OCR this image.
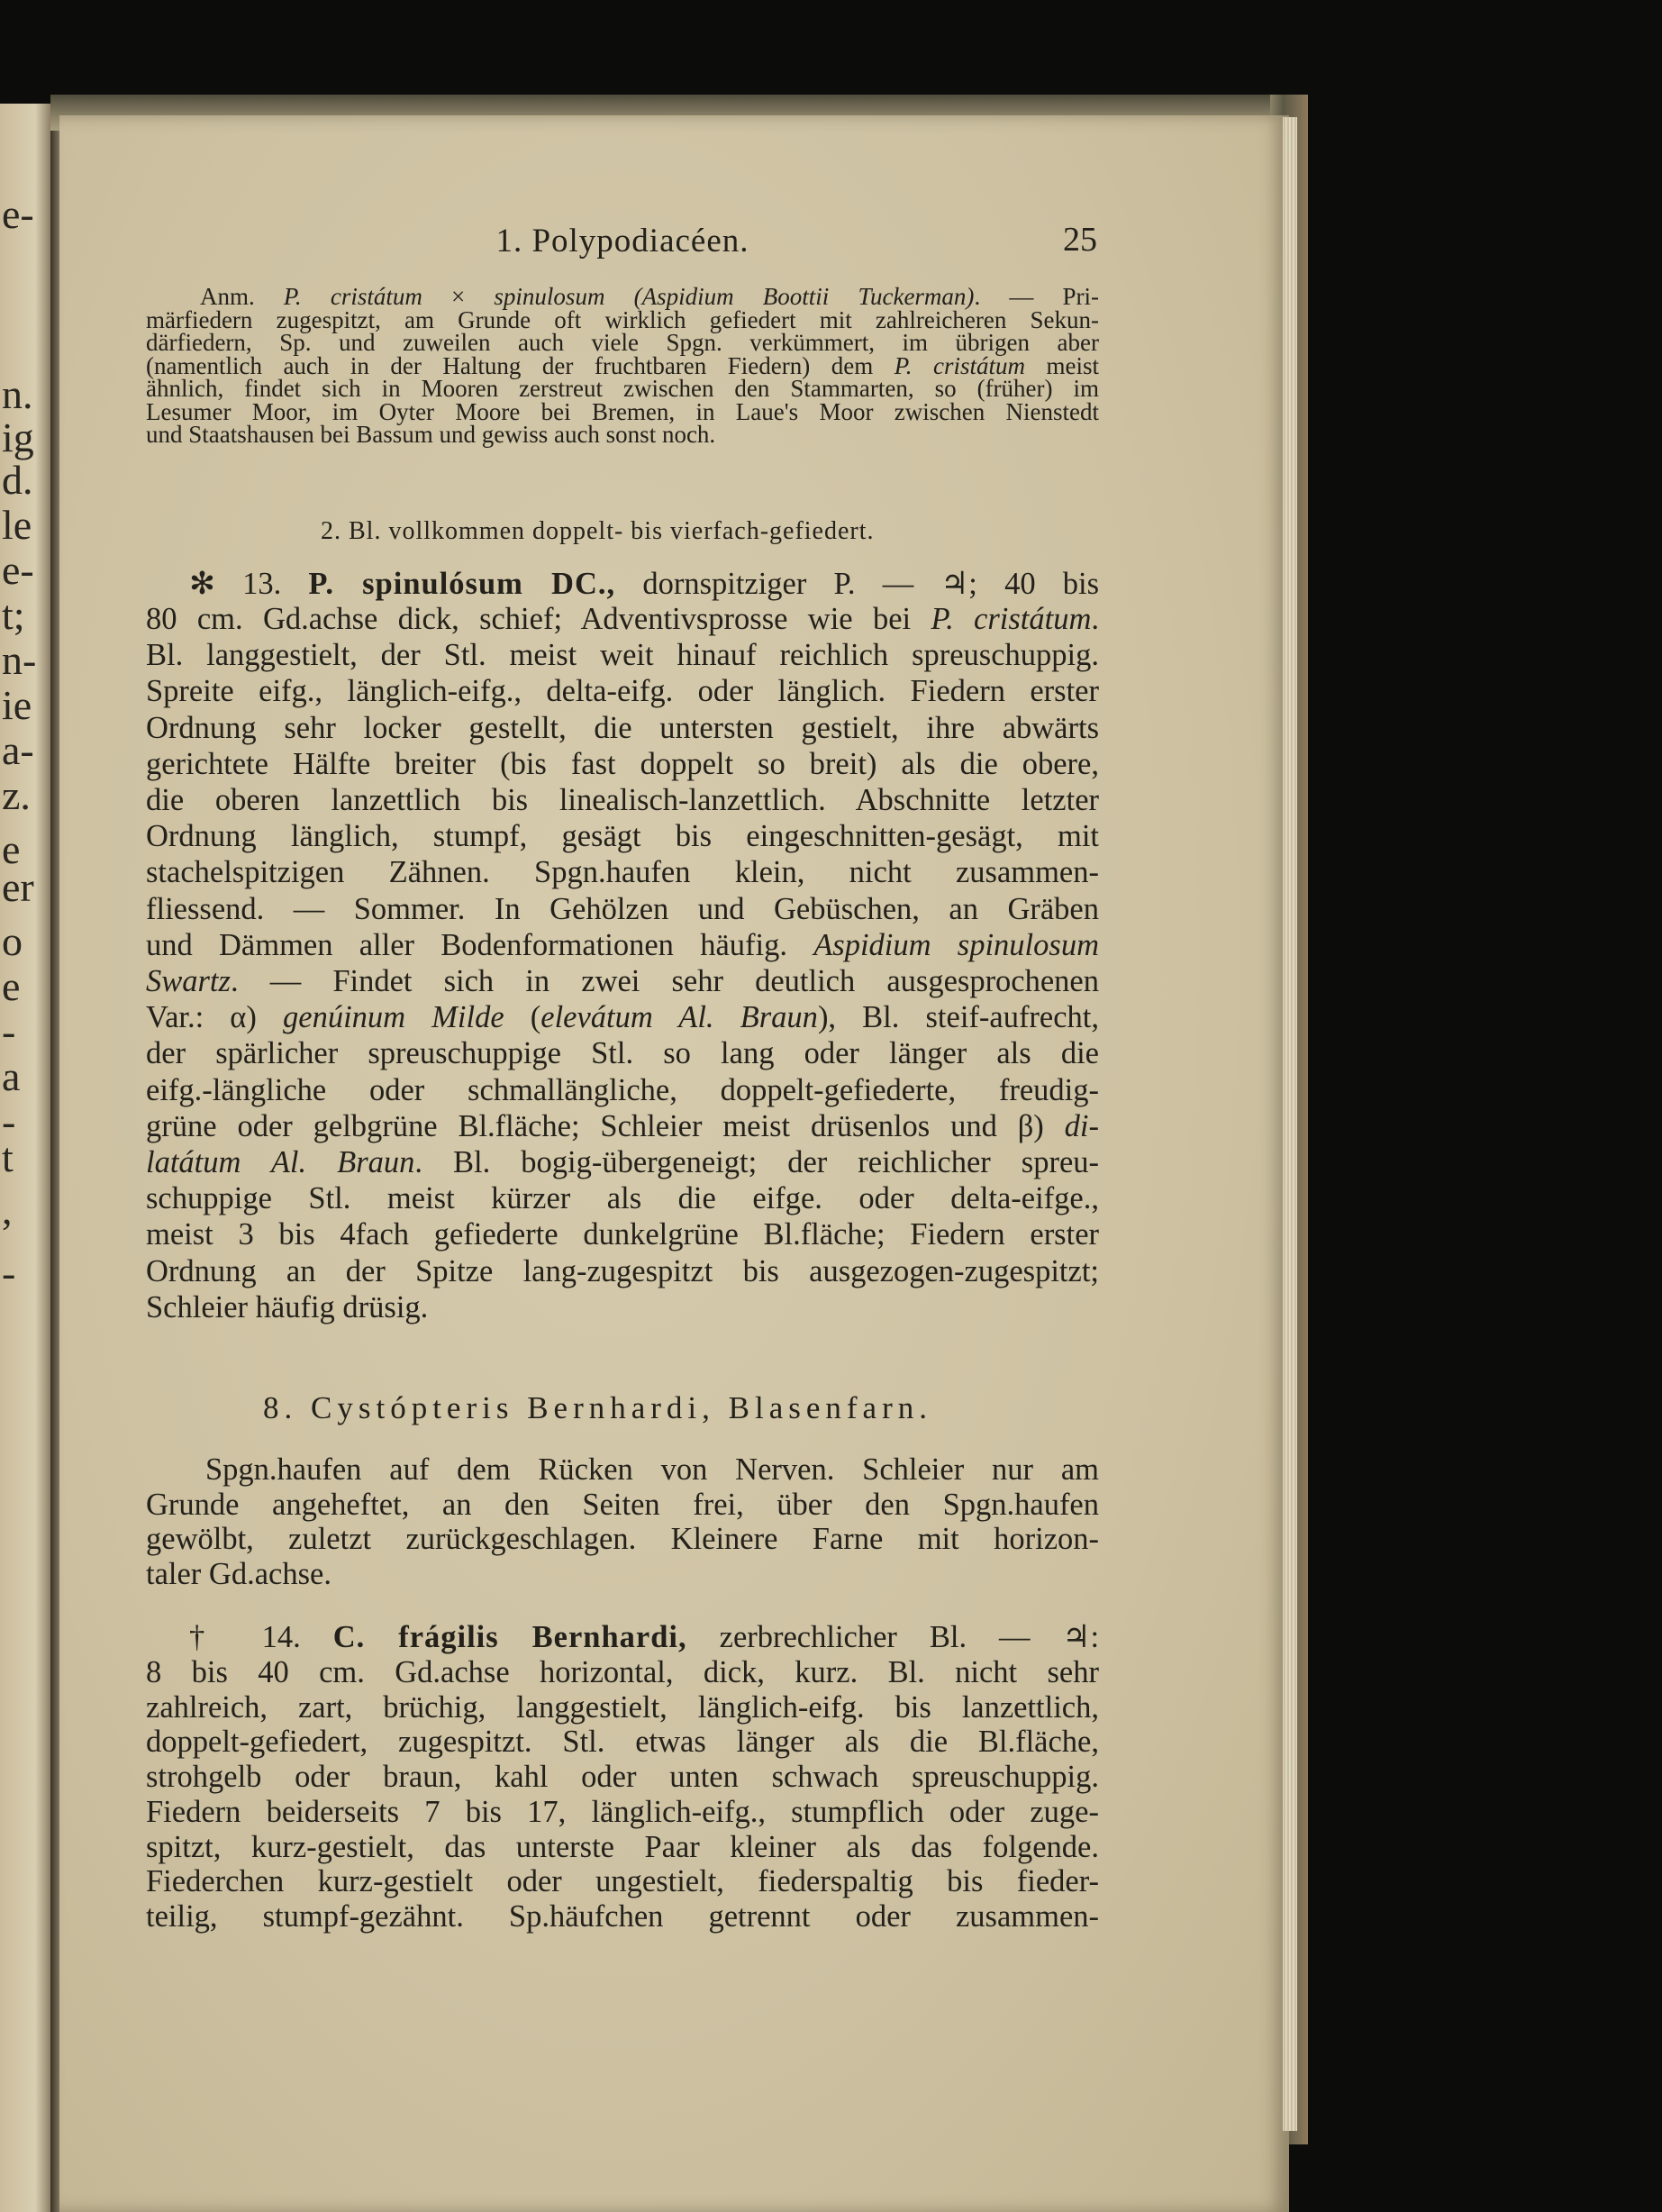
e-
n.
ig
d.
le
e-
t;
n-
ie
a-
z.
e
er
o
e
-
a
-
t
,
-
1. Polypodiacéen.	25
Anm. P. cristátum × spinulosum (Aspidium Boottii Tuckerman). — Pri-
märfiedern zugespitzt, am Grunde oft wirklich gefiedert mit zahlreicheren Sekun-
därfiedern, Sp. und zuweilen auch viele Spgn. verkümmert, im übrigen aber
(namentlich auch in der Haltung der fruchtbaren Fiedern) dem P. cristátum meist
ähnlich, findet sich in Mooren zerstreut zwischen den Stammarten, so (früher) im
Lesumer Moor, im Oyter Moore bei Bremen, in Laue's Moor zwischen Nienstedt
und Staatshausen bei Bassum und gewiss auch sonst noch.
2. Bl. vollkommen doppelt- bis vierfach-gefiedert.
✻ 13. P. spinulósum DC., dornspitziger P. — ♃; 40 bis
80 cm. Gd.achse dick, schief; Adventivsprosse wie bei P. cristátum.
Bl. langgestielt, der Stl. meist weit hinauf reichlich spreuschuppig.
Spreite eifg., länglich-eifg., delta-eifg. oder länglich. Fiedern erster
Ordnung sehr locker gestellt, die untersten gestielt, ihre abwärts
gerichtete Hälfte breiter (bis fast doppelt so breit) als die obere,
die oberen lanzettlich bis linealisch-lanzettlich. Abschnitte letzter
Ordnung länglich, stumpf, gesägt bis eingeschnitten-gesägt, mit
stachelspitzigen Zähnen. Spgn.haufen klein, nicht zusammen-
fliessend. — Sommer. In Gehölzen und Gebüschen, an Gräben
und Dämmen aller Bodenformationen häufig. Aspidium spinulosum
Swartz. — Findet sich in zwei sehr deutlich ausgesprochenen
Var.: α) genúinum Milde (elevátum Al. Braun), Bl. steif-aufrecht,
der spärlicher spreuschuppige Stl. so lang oder länger als die
eifg.-längliche oder schmallängliche, doppelt-gefiederte, freudig-
grüne oder gelbgrüne Bl.fläche; Schleier meist drüsenlos und β) di-
latátum Al. Braun. Bl. bogig-übergeneigt; der reichlicher spreu-
schuppige Stl. meist kürzer als die eifge. oder delta-eifge.,
meist 3 bis 4fach gefiederte dunkelgrüne Bl.fläche; Fiedern erster
Ordnung an der Spitze lang-zugespitzt bis ausgezogen-zugespitzt;
Schleier häufig drüsig.
8. Cystópteris Bernhardi, Blasenfarn.
Spgn.haufen auf dem Rücken von Nerven. Schleier nur am
Grunde angeheftet, an den Seiten frei, über den Spgn.haufen
gewölbt, zuletzt zurückgeschlagen. Kleinere Farne mit horizon-
taler Gd.achse.
† 14. C. frágilis Bernhardi, zerbrechlicher Bl. — ♃:
8 bis 40 cm. Gd.achse horizontal, dick, kurz. Bl. nicht sehr
zahlreich, zart, brüchig, langgestielt, länglich-eifg. bis lanzettlich,
doppelt-gefiedert, zugespitzt. Stl. etwas länger als die Bl.fläche,
strohgelb oder braun, kahl oder unten schwach spreuschuppig.
Fiedern beiderseits 7 bis 17, länglich-eifg., stumpflich oder zuge-
spitzt, kurz-gestielt, das unterste Paar kleiner als das folgende.
Fiederchen kurz-gestielt oder ungestielt, fiederspaltig bis fieder-
teilig, stumpf-gezähnt. Sp.häufchen getrennt oder zusammen-
